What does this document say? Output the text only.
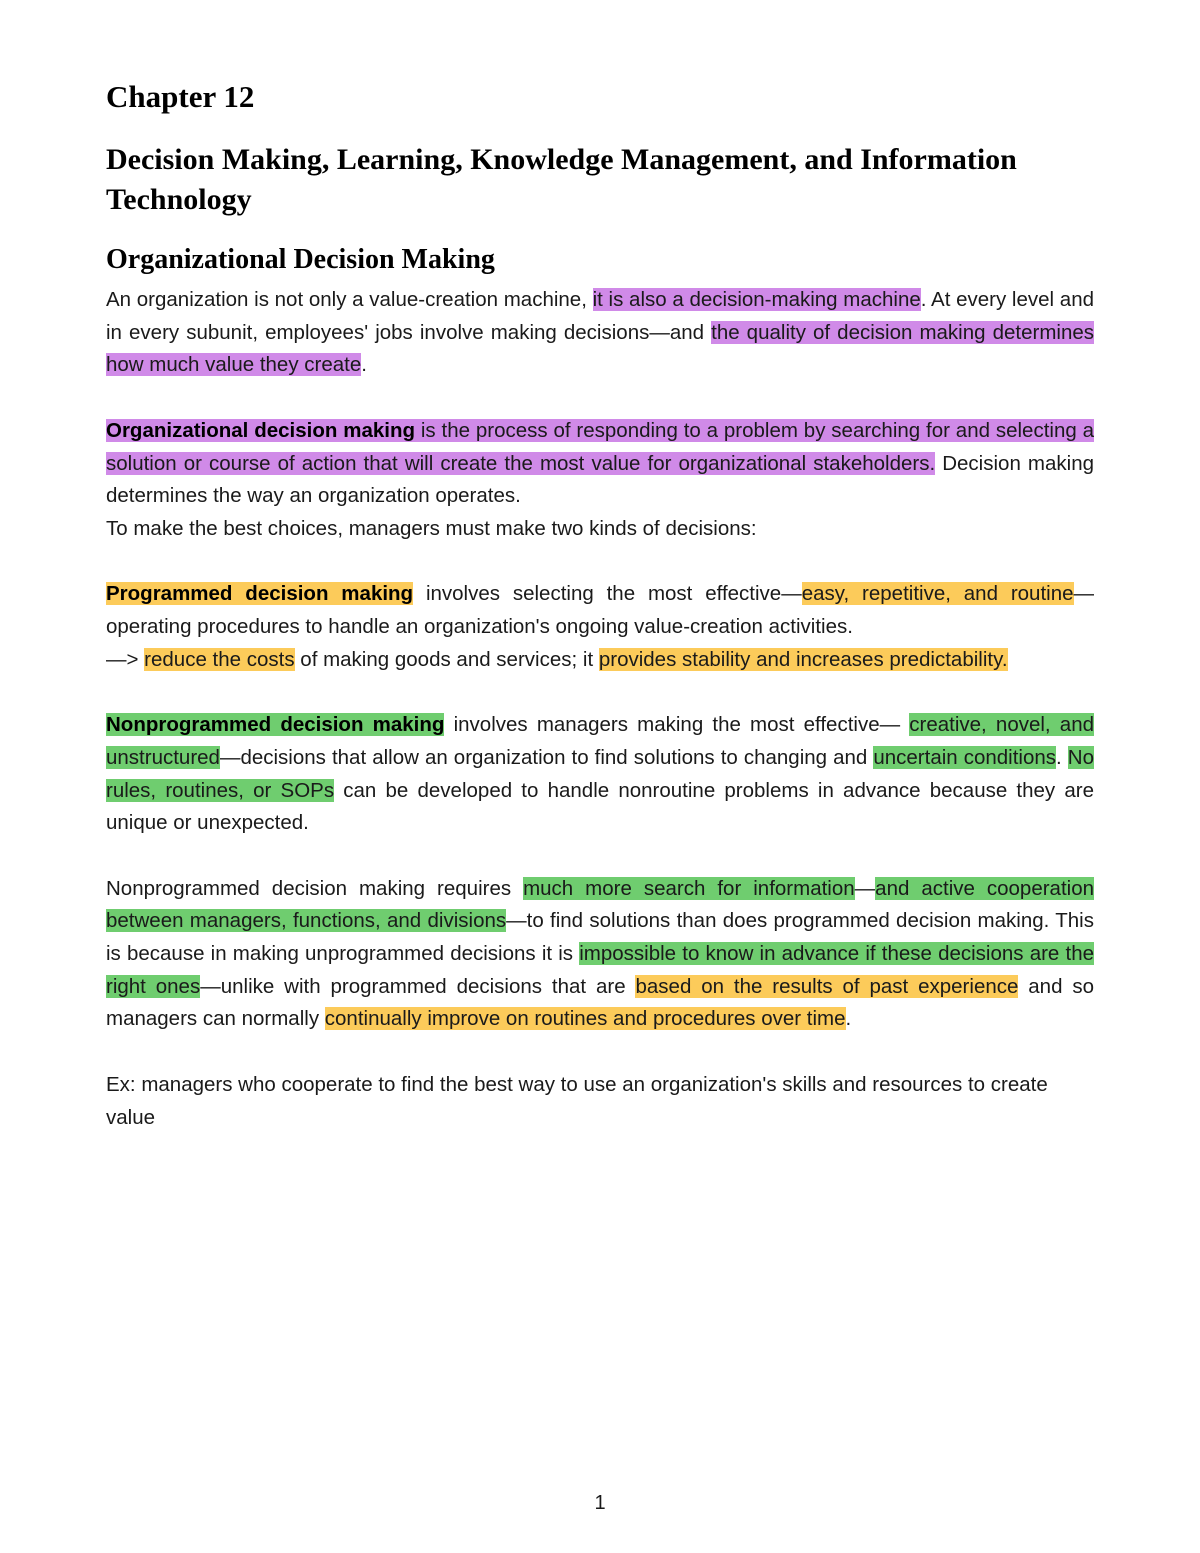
Chapter 12
Decision Making, Learning, Knowledge Management, and Information Technology
Organizational Decision Making

An organization is not only a value-creation machine, it is also a decision-making machine. At every level and in every subunit, employees' jobs involve making decisions—and the quality of decision making determines how much value they create.

Organizational decision making is the process of responding to a problem by searching for and selecting a solution or course of action that will create the most value for organizational stakeholders. Decision making determines the way an organization operates.

To make the best choices, managers must make two kinds of decisions:

Programmed decision making involves selecting the most effective—easy, repetitive, and routine—operating procedures to handle an organization's ongoing value-creation activities.

—> reduce the costs of making goods and services; it provides stability and increases predictability.

Nonprogrammed decision making involves managers making the most effective— creative, novel, and unstructured—decisions that allow an organization to find solutions to changing and uncertain conditions. No rules, routines, or SOPs can be developed to handle nonroutine problems in advance because they are unique or unexpected.

Nonprogrammed decision making requires much more search for information—and active cooperation between managers, functions, and divisions—to find solutions than does programmed decision making. This is because in making unprogrammed decisions it is impossible to know in advance if these decisions are the right ones—unlike with programmed decisions that are based on the results of past experience and so managers can normally continually improve on routines and procedures over time.

Ex: managers who cooperate to find the best way to use an organization's skills and resources to create value

1
